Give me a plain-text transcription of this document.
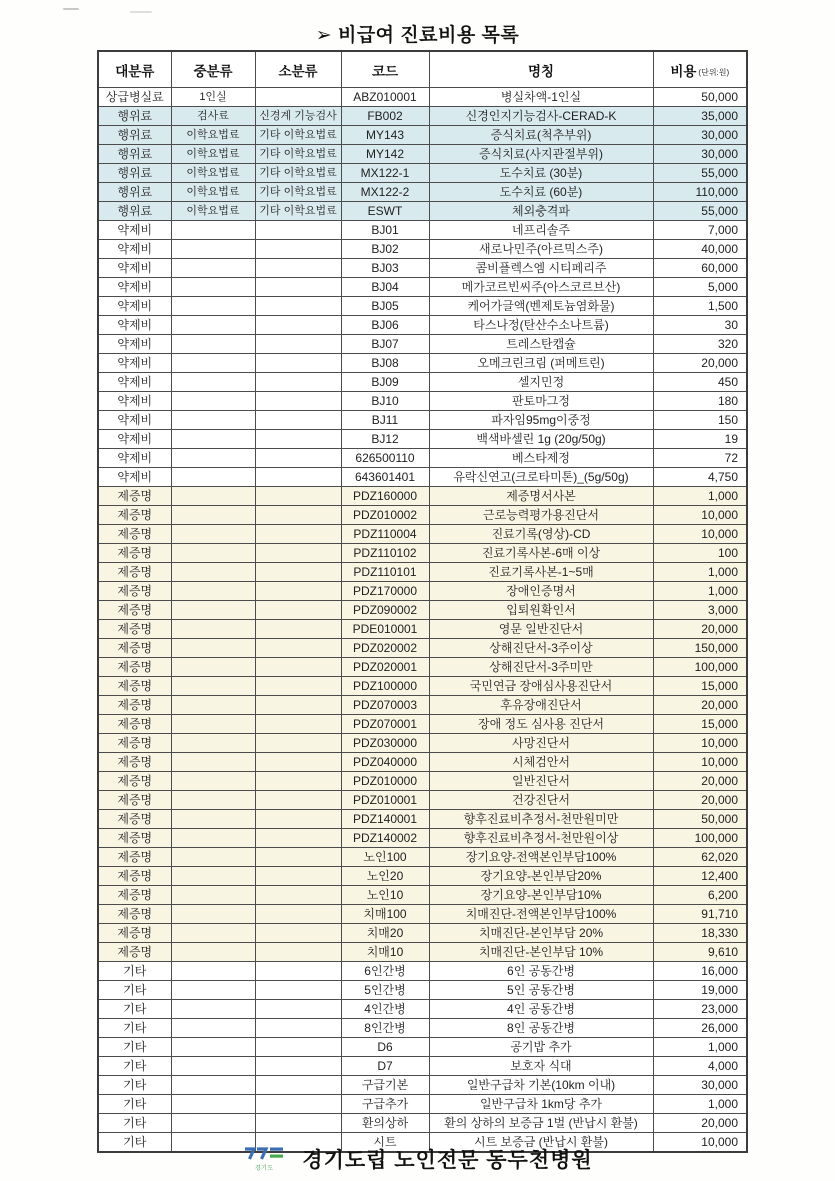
➢ 비급여 진료비용 목록
대분류	중분류	소분류	코드	명칭	비용 (단위:원)
상급병실료	1인실		ABZ010001	병실차액-1인실	50,000
행위료	검사료	신경계 기능검사	FB002	신경인지기능검사-CERAD-K	35,000
행위료	이학요법료	기타 이학요법료	MY143	증식치료(척추부위)	30,000
행위료	이학요법료	기타 이학요법료	MY142	증식치료(사지관절부위)	30,000
행위료	이학요법료	기타 이학요법료	MX122-1	도수치료 (30분)	55,000
행위료	이학요법료	기타 이학요법료	MX122-2	도수치료 (60분)	110,000
행위료	이학요법료	기타 이학요법료	ESWT	체외충격파	55,000
약제비			BJ01	네프리솔주	7,000
약제비			BJ02	새로나민주(아르믹스주)	40,000
약제비			BJ03	콤비플렉스엠 시티페리주	60,000
약제비			BJ04	메가코르빈씨주(아스코르브산)	5,000
약제비			BJ05	케어가글액(벤제토늄염화물)	1,500
약제비			BJ06	타스나정(탄산수소나트륨)	30
약제비			BJ07	트레스탄캡슐	320
약제비			BJ08	오메크린크림 (퍼메트린)	20,000
약제비			BJ09	셀지민정	450
약제비			BJ10	판토마그정	180
약제비			BJ11	파자임95mg이중정	150
약제비			BJ12	백색바셀린 1g (20g/50g)	19
약제비			626500110	베스타제정	72
약제비			643601401	유락신연고(크로타미톤)_(5g/50g)	4,750
제증명			PDZ160000	제증명서사본	1,000
제증명			PDZ010002	근로능력평가용진단서	10,000
제증명			PDZ110004	진료기록(영상)-CD	10,000
제증명			PDZ110102	진료기록사본-6매 이상	100
제증명			PDZ110101	진료기록사본-1~5매	1,000
제증명			PDZ170000	장애인증명서	1,000
제증명			PDZ090002	입퇴원확인서	3,000
제증명			PDE010001	영문 일반진단서	20,000
제증명			PDZ020002	상해진단서-3주이상	150,000
제증명			PDZ020001	상해진단서-3주미만	100,000
제증명			PDZ100000	국민연금 장애심사용진단서	15,000
제증명			PDZ070003	후유장애진단서	20,000
제증명			PDZ070001	장애 정도 심사용 진단서	15,000
제증명			PDZ030000	사망진단서	10,000
제증명			PDZ040000	시체검안서	10,000
제증명			PDZ010000	일반진단서	20,000
제증명			PDZ010001	건강진단서	20,000
제증명			PDZ140001	향후진료비추정서-천만원미만	50,000
제증명			PDZ140002	향후진료비추정서-천만원이상	100,000
제증명			노인100	장기요양-전액본인부담100%	62,020
제증명			노인20	장기요양-본인부담20%	12,400
제증명			노인10	장기요양-본인부담10%	6,200
제증명			치매100	치매진단-전액본인부담100%	91,710
제증명			치매20	치매진단-본인부담 20%	18,330
제증명			치매10	치매진단-본인부담 10%	9,610
기타			6인간병	6인 공동간병	16,000
기타			5인간병	5인 공동간병	19,000
기타			4인간병	4인 공동간병	23,000
기타			8인간병	8인 공동간병	26,000
기타			D6	공기밥 추가	1,000
기타			D7	보호자 식대	4,000
기타			구급기본	일반구급차 기본(10km 이내)	30,000
기타			구급추가	일반구급차 1km당 추가	1,000
기타			환의상하	환의 상하의 보증금 1벌 (반납시 환불)	20,000
기타			시트	시트 보증금 (반납시 환불)	10,000
경기도 경기도립 노인전문 동두천병원
